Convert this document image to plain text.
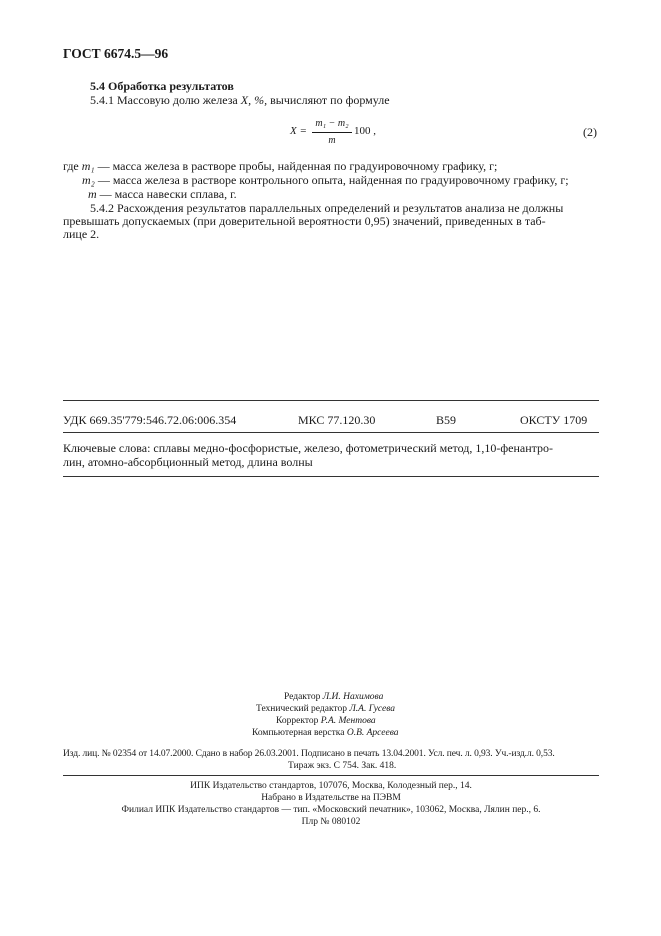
ГОСТ 6674.5—96
5.4 Обработка результатов
5.4.1 Массовую долю железа X, %, вычисляют по формуле
X =
m₁ − m₂
m
100 ,	(2)
где m₁ — масса железа в растворе пробы, найденная по градуировочному графику, г;
m₂ — масса железа в растворе контрольного опыта, найденная по градуировочному графику, г;
m — масса навески сплава, г.
5.4.2 Расхождения результатов параллельных определений и результатов анализа не должны
превышать допускаемых (при доверительной вероятности 0,95) значений, приведенных в таб-
лице 2.
УДК 669.35'779:546.72.06:006.354	МКС 77.120.30	В59	ОКСТУ 1709
Ключевые слова: сплавы медно-фосфористые, железо, фотометрический метод, 1,10-фенантро-
лин, атомно-абсорбционный метод, длина волны
Редактор Л.И. Нахимова
Технический редактор Л.А. Гусева
Корректор Р.А. Ментова
Компьютерная верстка О.В. Арсеева
Изд. лиц. № 02354 от 14.07.2000. Сдано в набор 26.03.2001. Подписано в печать 13.04.2001. Усл. печ. л. 0,93. Уч.-изд.л. 0,53.
Тираж экз. С 754. Зак. 418.
ИПК Издательство стандартов, 107076, Москва, Колодезный пер., 14.
Набрано в Издательстве на ПЭВМ
Филиал ИПК Издательство стандартов — тип. «Московский печатник», 103062, Москва, Лялин пер., 6.
Плр № 080102
